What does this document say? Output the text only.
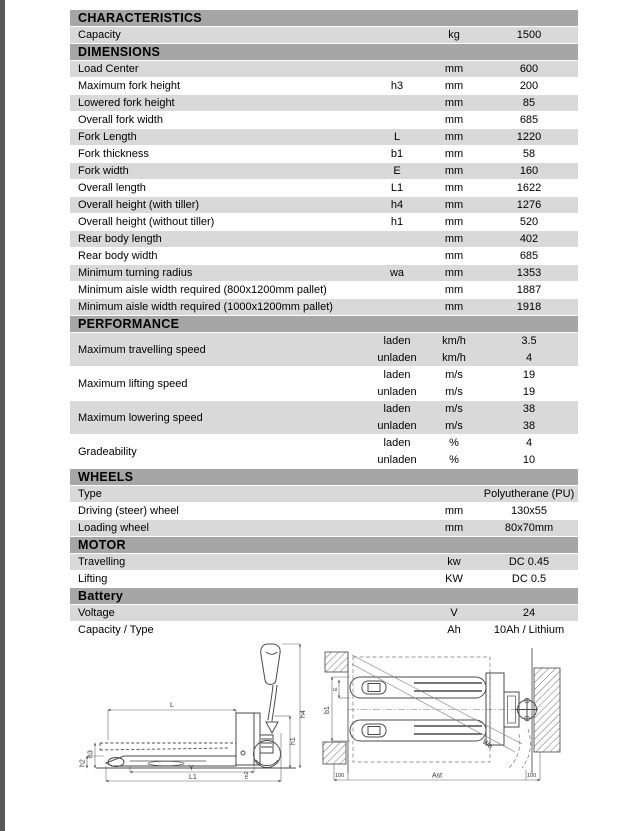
CHARACTERISTICS
Capacity	kg	1500
DIMENSIONS
Load Center	mm	600
Maximum fork height	h3	mm	200
Lowered fork height	mm	85
Overall fork width	mm	685
Fork Length	L	mm	1220
Fork thickness	b1	mm	58
Fork width	E	mm	160
Overall length	L1	mm	1622
Overall height (with tiller)	h4	mm	1276
Overall height (without tiller)	h1	mm	520
Rear body length	mm	402
Rear body width	mm	685
Minimum turning radius	wa	mm	1353
Minimum aisle width required (800x1200mm pallet)	mm	1887
Minimum aisle width required (1000x1200mm pallet)	mm	1918
PERFORMANCE
Maximum travelling speed
laden	km/h	3.5
unladen	km/h	4
Maximum lifting speed
laden	m/s	19
unladen	m/s	19
Maximum lowering speed
laden	m/s	38
unladen	m/s	38
Gradeability
laden	%	4
unladen	%	10
WHEELS
Type	Polyutherane (PU)
Driving (steer) wheel	mm	130x55
Loading wheel	mm	80x70mm
MOTOR
Travelling	kw	DC 0.45
Lifting	KW	DC 0.5
Battery
Voltage	V	24
Capacity / Type	Ah	10Ah / Lithium
L
h4
h1
h3
h2
Y
m2
L1
b1
E
Wa
100	100
Ast
